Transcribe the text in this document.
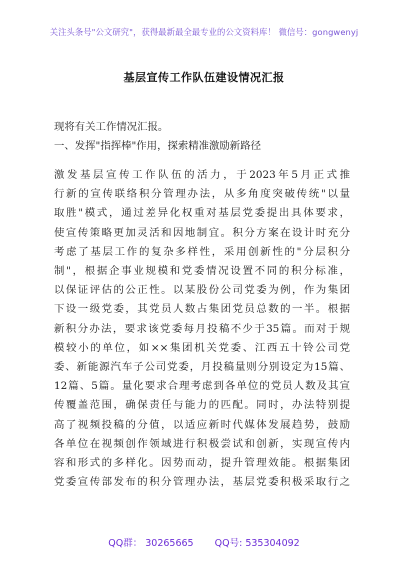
关注头条号"公文研究"，获得最新最全最专业的公文资料库！ 微信号：gongwenyj
基层宣传工作队伍建设情况汇报
现将有关工作情况汇报。
一、发挥"指挥棒"作用，探索精准激励新路径
激发基层宣传工作队伍的活力，于2023年5月正式推
行新的宣传联络积分管理办法，从多角度突破传统"以量
取胜"模式，通过差异化权重对基层党委提出具体要求，
使宣传策略更加灵活和因地制宜。积分方案在设计时充分
考虑了基层工作的复杂多样性，采用创新性的"分层积分
制"，根据企事业规模和党委情况设置不同的积分标准，
以保证评估的公正性。以某股份公司党委为例，作为集团
下设一级党委，其党员人数占集团党员总数的一半。根据
新积分办法，要求该党委每月投稿不少于35篇。而对于规
模较小的单位，如××集团机关党委、江西五十铃公司党
委、新能源汽车子公司党委，月投稿量则分别设定为15篇、
12篇、5篇。量化要求合理考虑到各单位的党员人数及其宣
传覆盖范围，确保责任与能力的匹配。同时，办法特别提
高了视频投稿的分值，以适应新时代媒体发展趋势，鼓励
各单位在视频创作领域进行积极尝试和创新，实现宣传内
容和形式的多样化。因势而动，提升管理效能。根据集团
党委宣传部发布的积分管理办法，基层党委积极采取行之
QQ群： 30265665 QQ号: 535304092
